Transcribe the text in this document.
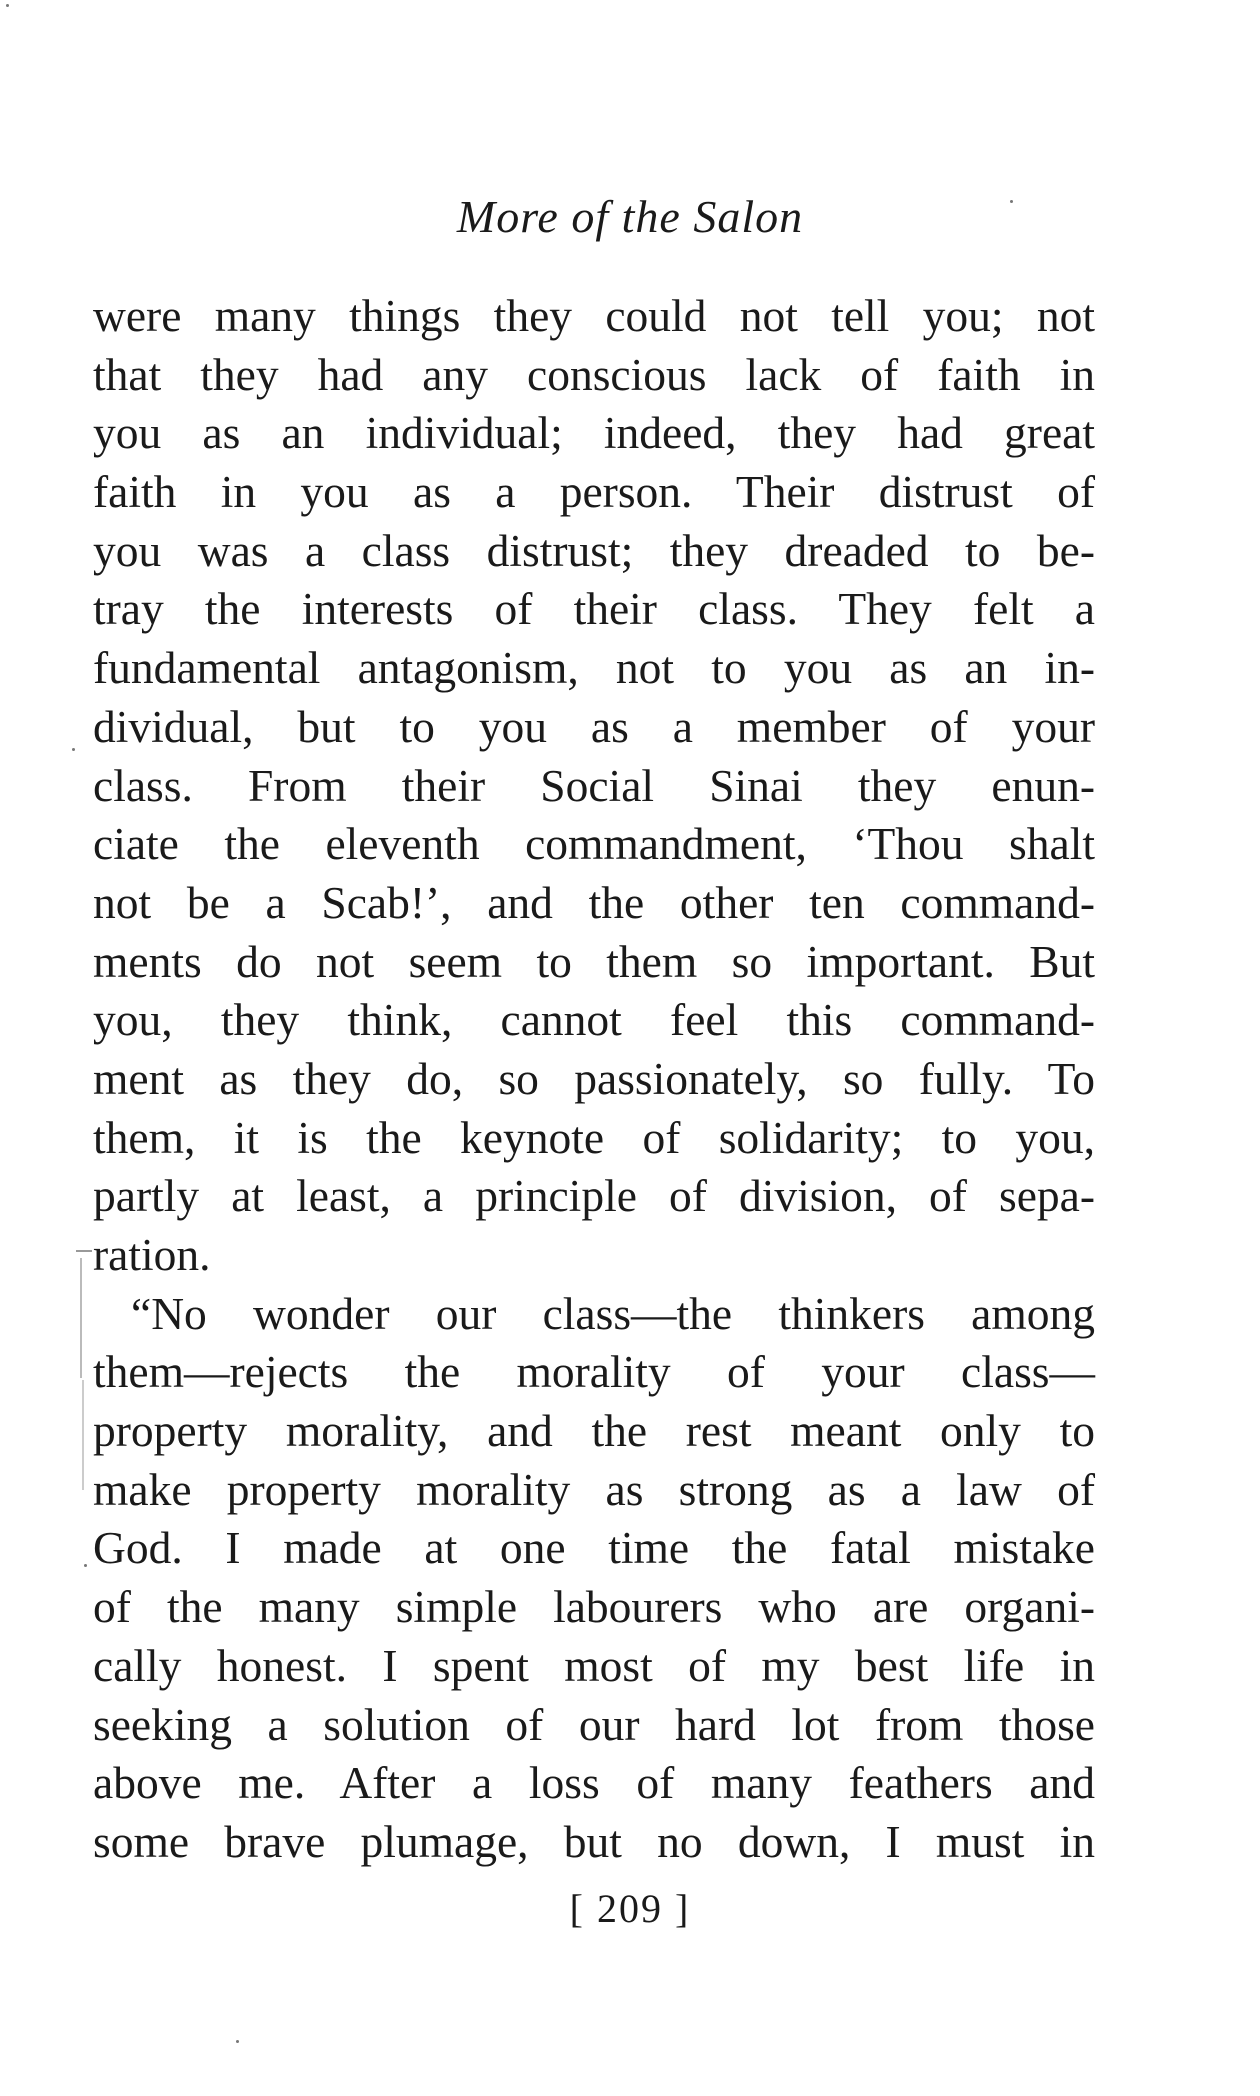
More of the Salon
were many things they could not tell you; not
that they had any conscious lack of faith in
you as an individual; indeed, they had great
faith in you as a person. Their distrust of
you was a class distrust; they dreaded to be-
tray the interests of their class. They felt a
fundamental antagonism, not to you as an in-
dividual, but to you as a member of your
class. From their Social Sinai they enun-
ciate the eleventh commandment, ‘Thou shalt
not be a Scab!’, and the other ten command-
ments do not seem to them so important. But
you, they think, cannot feel this command-
ment as they do, so passionately, so fully. To
them, it is the keynote of solidarity; to you,
partly at least, a principle of division, of sepa-
ration.
“No wonder our class—the thinkers among
them—rejects the morality of your class—
property morality, and the rest meant only to
make property morality as strong as a law of
God. I made at one time the fatal mistake
of the many simple labourers who are organi-
cally honest. I spent most of my best life in
seeking a solution of our hard lot from those
above me. After a loss of many feathers and
some brave plumage, but no down, I must in
[ 209 ]
